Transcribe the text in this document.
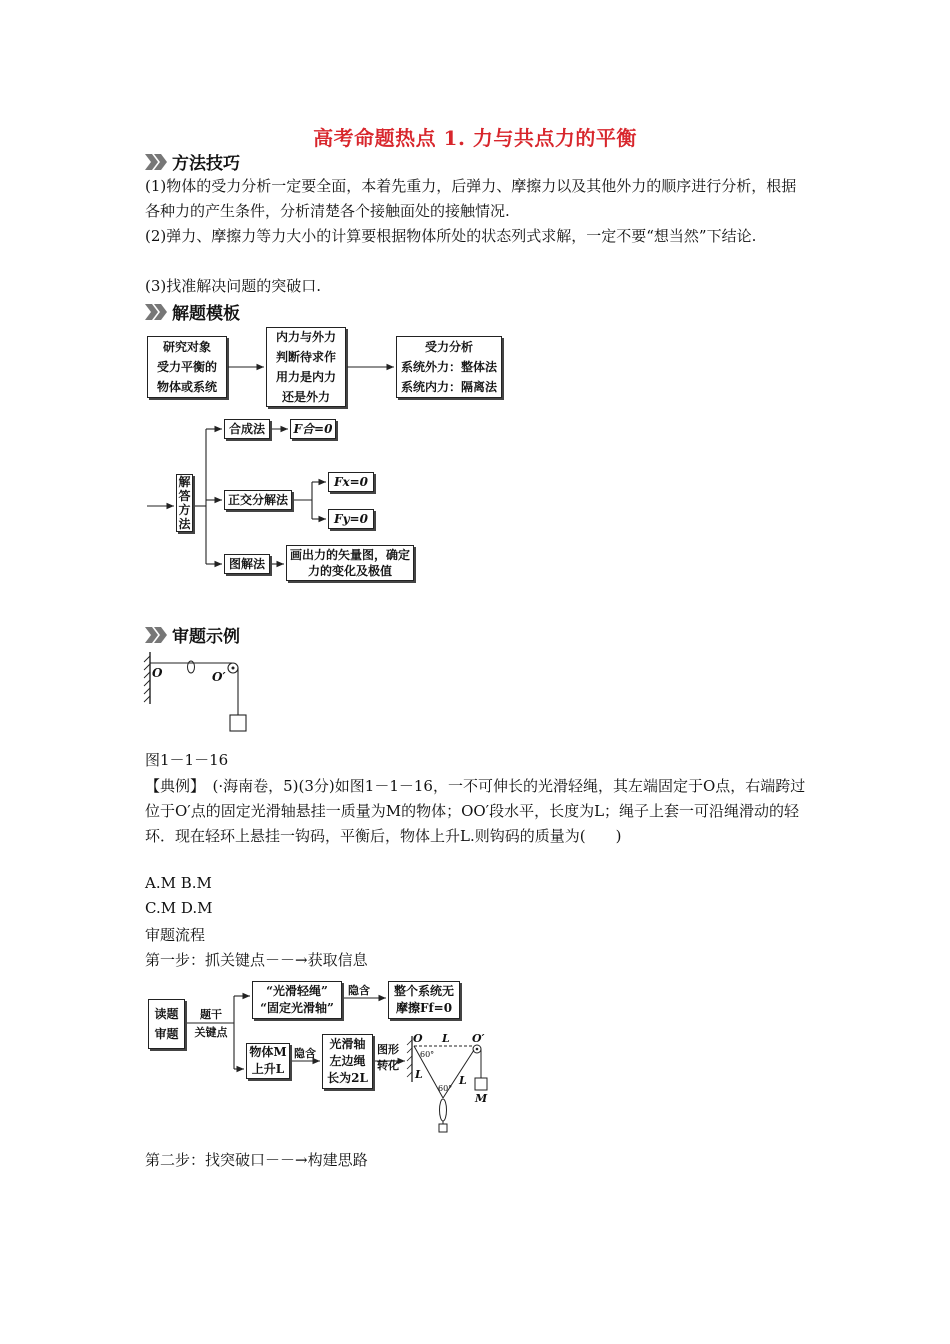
高考命题热点 1. 力与共点力的平衡
方法技巧
(1)物体的受力分析一定要全面，本着先重力，后弹力、摩擦力以及其他外力的顺序进行分析，根据各种力的产生条件，分析清楚各个接触面处的接触情况.
(2)弹力、摩擦力等力大小的计算要根据物体所处的状态列式求解，一定不要“想当然”下结论.
(3)找准解决问题的突破口.
解题模板
研究对象
受力平衡的
物体或系统
内力与外力
判断待求作
用力是内力
还是外力
受力分析
系统外力：整体法
系统内力：隔离法
解
答
方
法
合成法 F合=0
正交分解法
Fx=0
Fy=0
图解法
画出力的矢量图，确定
力的变化及极值
审题示例
O	O′
图1－1－16
【典例】　(·海南卷，5)(3分)如图1－1－16，一不可伸长的光滑轻绳，其左端固定于O点，右端跨过位于O′点的固定光滑轴悬挂一质量为M的物体；OO′段水平，长度为L；绳子上套一可沿绳滑动的轻环．现在轻环上悬挂一钩码，平衡后，物体上升L.则钩码的质量为(　　)
A.M B.M
C.M D.M
审题流程
第一步：抓关键点－－→获取信息
读题
审题
题干
关键点
“光滑轻绳”
“固定光滑轴”
隐含 整个系统无
摩擦Ff=0
物体M
上升L
隐含
光滑轴
左边绳
长为2L
图形
转化
O L O′
60°
60°
L	L
M
第二步：找突破口－－→构建思路
